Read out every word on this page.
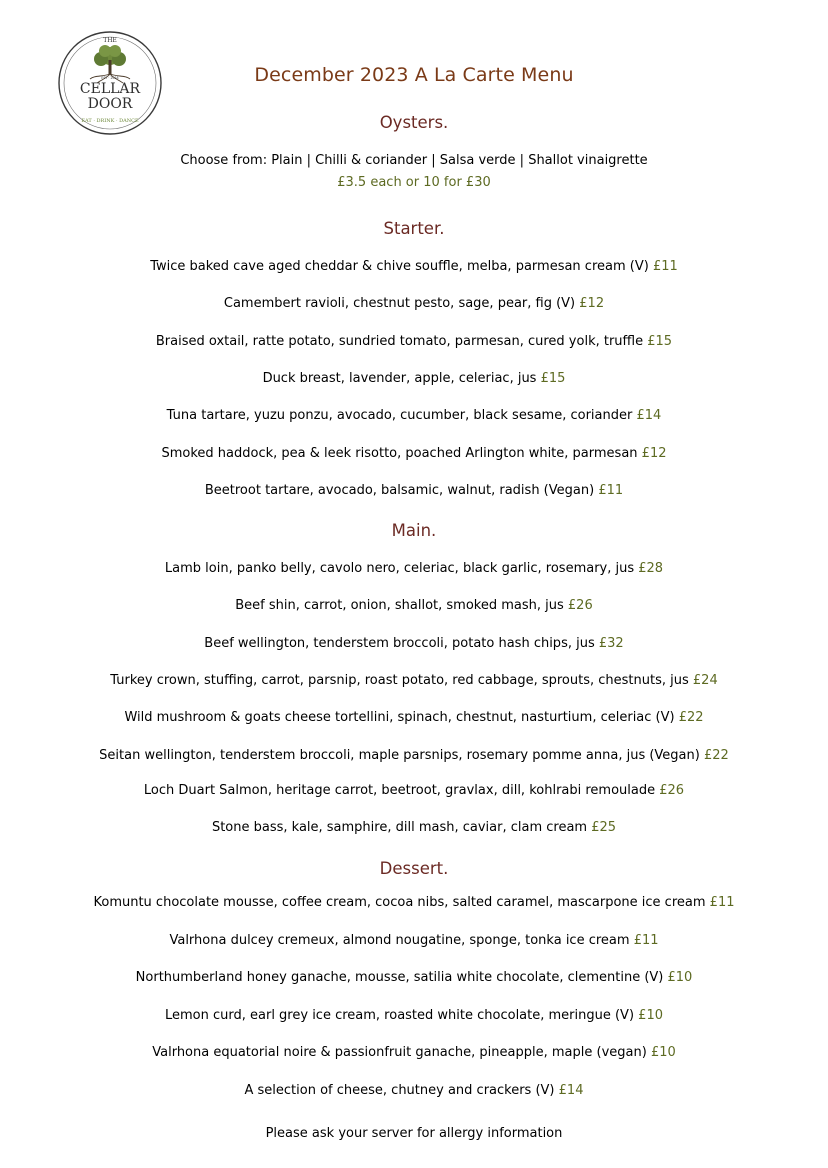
THE
EST · 2018
CELLAR
DOOR
EAT · DRINK · DANCE
December 2023 A La Carte Menu
Oysters.
Choose from: Plain | Chilli & coriander | Salsa verde | Shallot vinaigrette
£3.5 each or 10 for £30
Starter.
Twice baked cave aged cheddar & chive souffle, melba, parmesan cream (V) £11
Camembert ravioli, chestnut pesto, sage, pear, fig (V) £12
Braised oxtail, ratte potato, sundried tomato, parmesan, cured yolk, truffle £15
Duck breast, lavender, apple, celeriac, jus £15
Tuna tartare, yuzu ponzu, avocado, cucumber, black sesame, coriander £14
Smoked haddock, pea & leek risotto, poached Arlington white, parmesan £12
Beetroot tartare, avocado, balsamic, walnut, radish (Vegan) £11
Main.
Lamb loin, panko belly, cavolo nero, celeriac, black garlic, rosemary, jus £28
Beef shin, carrot, onion, shallot, smoked mash, jus £26
Beef wellington, tenderstem broccoli, potato hash chips, jus £32
Turkey crown, stuffing, carrot, parsnip, roast potato, red cabbage, sprouts, chestnuts, jus £24
Wild mushroom & goats cheese tortellini, spinach, chestnut, nasturtium, celeriac (V) £22
Seitan wellington, tenderstem broccoli, maple parsnips, rosemary pomme anna, jus (Vegan) £22
Loch Duart Salmon, heritage carrot, beetroot, gravlax, dill, kohlrabi remoulade £26
Stone bass, kale, samphire, dill mash, caviar, clam cream £25
Dessert.
Komuntu chocolate mousse, coffee cream, cocoa nibs, salted caramel, mascarpone ice cream £11
Valrhona dulcey cremeux, almond nougatine, sponge, tonka ice cream £11
Northumberland honey ganache, mousse, satilia white chocolate, clementine (V) £10
Lemon curd, earl grey ice cream, roasted white chocolate, meringue (V) £10
Valrhona equatorial noire & passionfruit ganache, pineapple, maple (vegan) £10
A selection of cheese, chutney and crackers (V) £14
Please ask your server for allergy information
